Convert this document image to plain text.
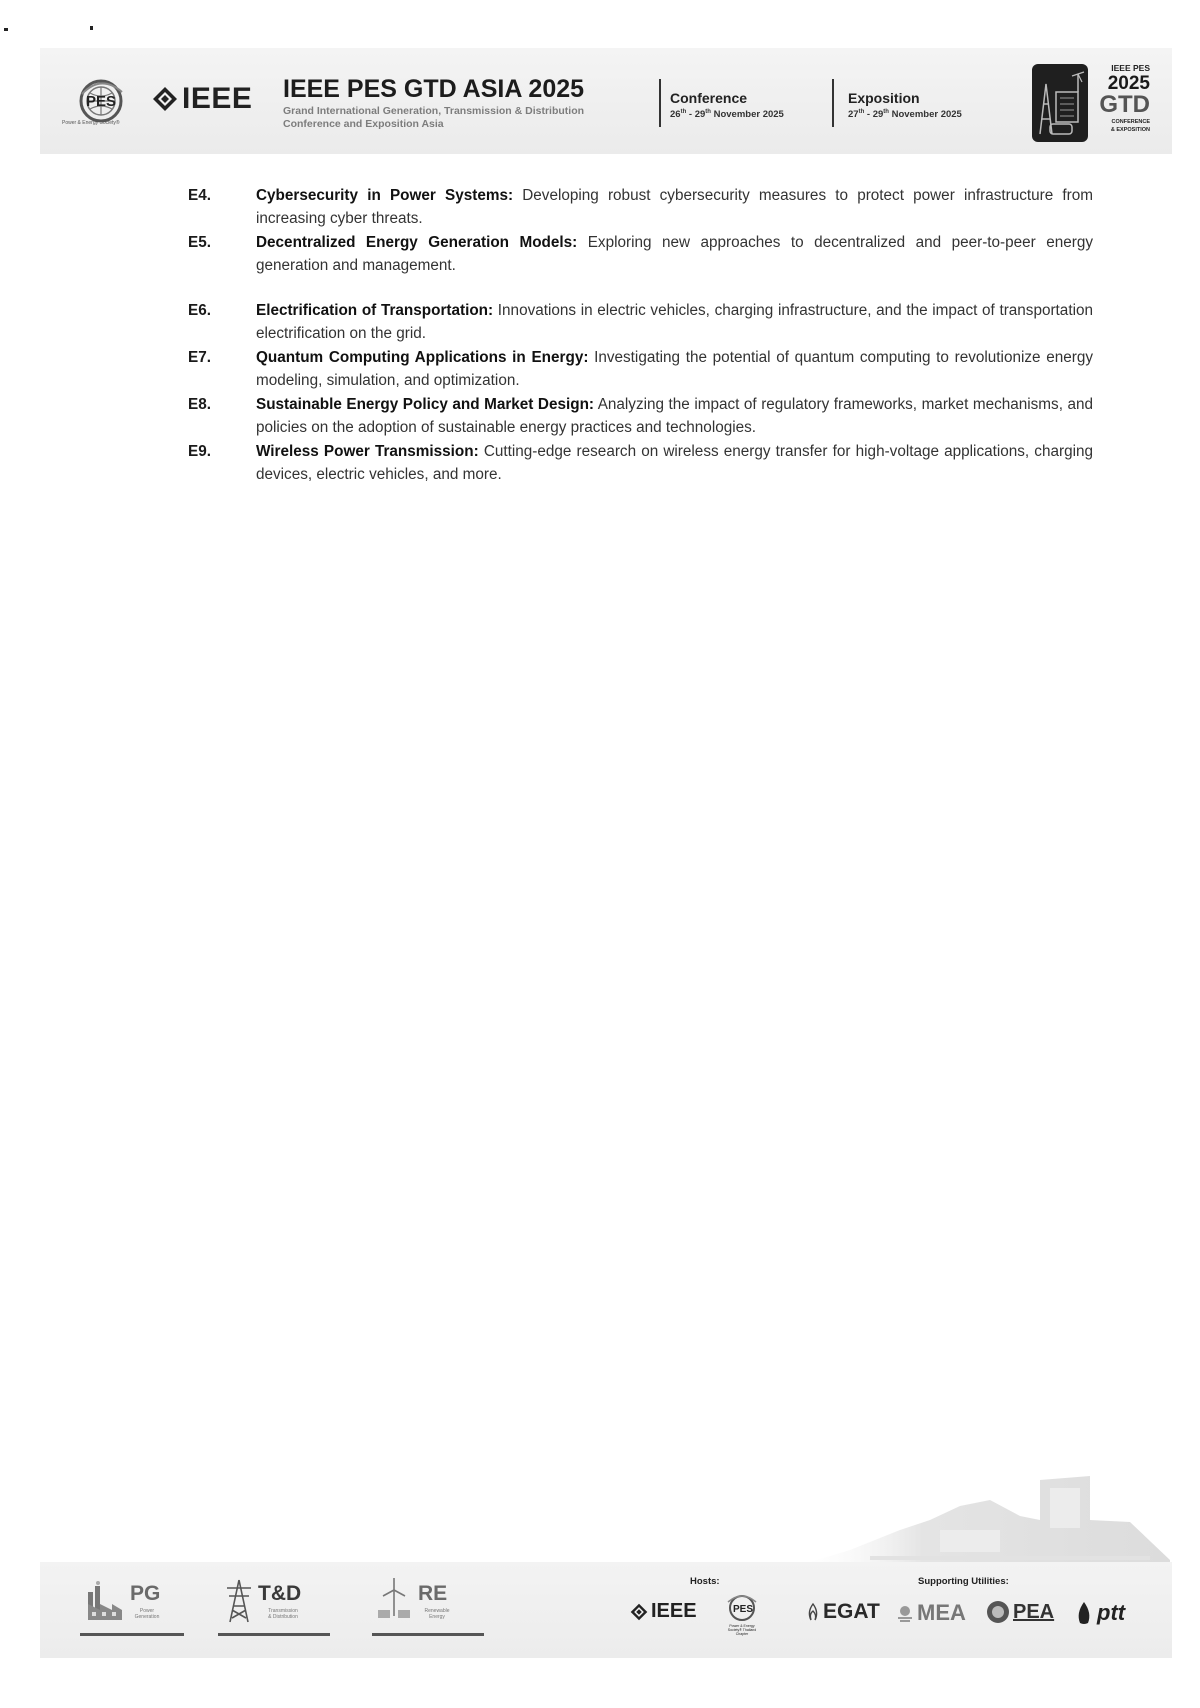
PES
Power & Energy Society®
IEEE IEEE PES GTD ASIA 2025
Grand International Generation, Transmission & Distribution
Conference and Exposition Asia
Conference
26th - 29th November 2025
Exposition
27th - 29th November 2025
IEEE PES
2025
GTD
CONFERENCE
& EXPOSITION
E4.	Cybersecurity in Power Systems: Developing robust cybersecurity measures to protect power infrastructure from increasing cyber threats.
E5.	Decentralized Energy Generation Models: Exploring new approaches to decentralized and peer-to-peer energy generation and management.
E6.	Electrification of Transportation: Innovations in electric vehicles, charging infrastructure, and the impact of transportation electrification on the grid.
E7.	Quantum Computing Applications in Energy: Investigating the potential of quantum computing to revolutionize energy modeling, simulation, and optimization.
E8.	Sustainable Energy Policy and Market Design: Analyzing the impact of regulatory frameworks, market mechanisms, and policies on the adoption of sustainable energy practices and technologies.
E9.	Wireless Power Transmission: Cutting-edge research on wireless energy transfer for high-voltage applications, charging devices, electric vehicles, and more.
PG
Power
Generation
T&D
Transmission
& Distribution
RE
Renewable
Energy
Hosts:
IEEE	PES
Power & Energy Society® Thailand Chapter
Supporting Utilities:
EGAT MEA PEA ptt
